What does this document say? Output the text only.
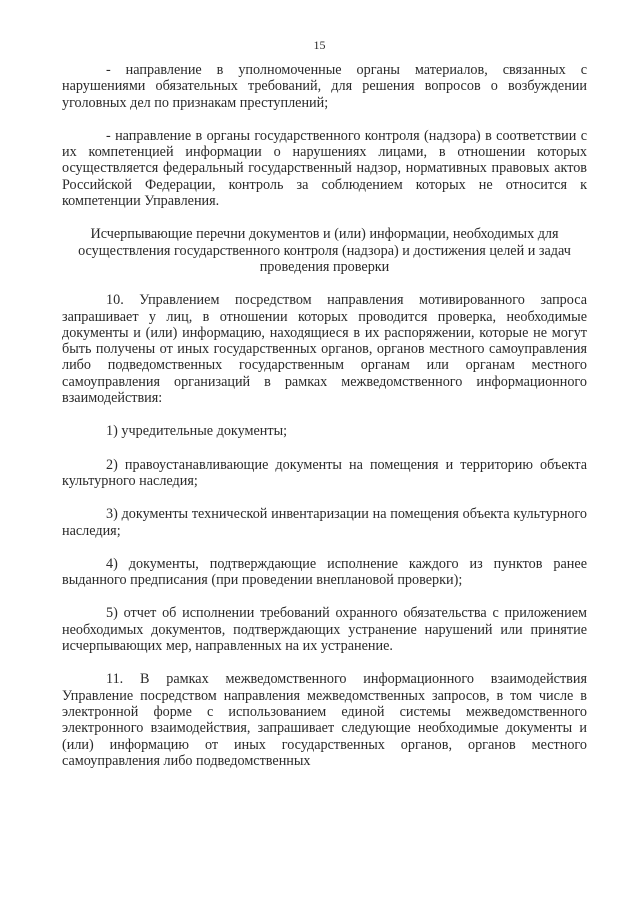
15

- направление в уполномоченные органы материалов, связанных с нарушениями обязательных требований, для решения вопросов о возбуждении уголовных дел по признакам преступлений;

- направление в органы государственного контроля (надзора) в соответствии с их компетенцией информации о нарушениях лицами, в отношении которых осуществляется федеральный государственный надзор, нормативных правовых актов Российской Федерации, контроль за соблюдением которых не относится к компетенции Управления.

Исчерпывающие перечни документов и (или) информации, необходимых для осуществления государственного контроля (надзора) и достижения целей и задач проведения проверки

10. Управлением посредством направления мотивированного запроса запрашивает у лиц, в отношении которых проводится проверка, необходимые документы и (или) информацию, находящиеся в их распоряжении, которые не могут быть получены от иных государственных органов, органов местного самоуправления либо подведомственных государственным органам или органам местного самоуправления организаций в рамках межведомственного информационного взаимодействия:

1) учредительные документы;

2) правоустанавливающие документы на помещения и территорию объекта культурного наследия;

3) документы технической инвентаризации на помещения объекта культурного наследия;

4) документы, подтверждающие исполнение каждого из пунктов ранее выданного предписания (при проведении внеплановой проверки);

5) отчет об исполнении требований охранного обязательства с приложением необходимых документов, подтверждающих устранение нарушений или принятие исчерпывающих мер, направленных на их устранение.

11. В рамках межведомственного информационного взаимодействия Управление посредством направления межведомственных запросов, в том числе в электронной форме с использованием единой системы межведомственного электронного взаимодействия, запрашивает следующие необходимые документы и (или) информацию от иных государственных органов, органов местного самоуправления либо подведомственных
